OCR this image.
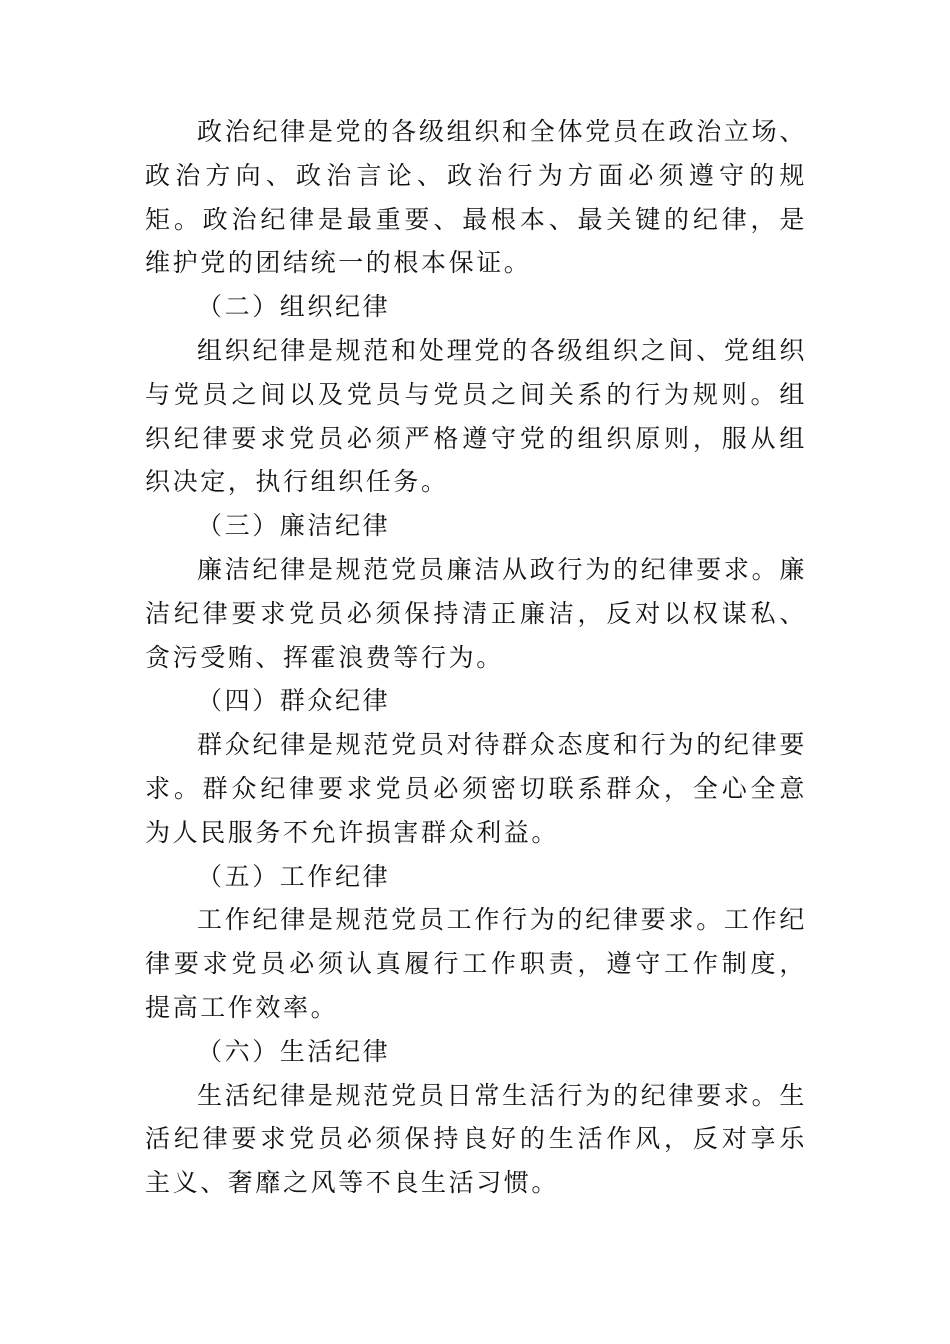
政治纪律是党的各级组织和全体党员在政治立场、政治方向、政治言论、政治行为方面必须遵守的规矩。政治纪律是最重要、最根本、最关键的纪律，是维护党的团结统一的根本保证。

（二）组织纪律

组织纪律是规范和处理党的各级组织之间、党组织与党员之间以及党员与党员之间关系的行为规则。组织纪律要求党员必须严格遵守党的组织原则，服从组织决定，执行组织任务。

（三）廉洁纪律

廉洁纪律是规范党员廉洁从政行为的纪律要求。廉洁纪律要求党员必须保持清正廉洁，反对以权谋私、贪污受贿、挥霍浪费等行为。

（四）群众纪律

群众纪律是规范党员对待群众态度和行为的纪律要求。群众纪律要求党员必须密切联系群众，全心全意为人民服务不允许损害群众利益。

（五）工作纪律

工作纪律是规范党员工作行为的纪律要求。工作纪律要求党员必须认真履行工作职责，遵守工作制度，提高工作效率。

（六）生活纪律

生活纪律是规范党员日常生活行为的纪律要求。生活纪律要求党员必须保持良好的生活作风，反对享乐主义、奢靡之风等不良生活习惯。
